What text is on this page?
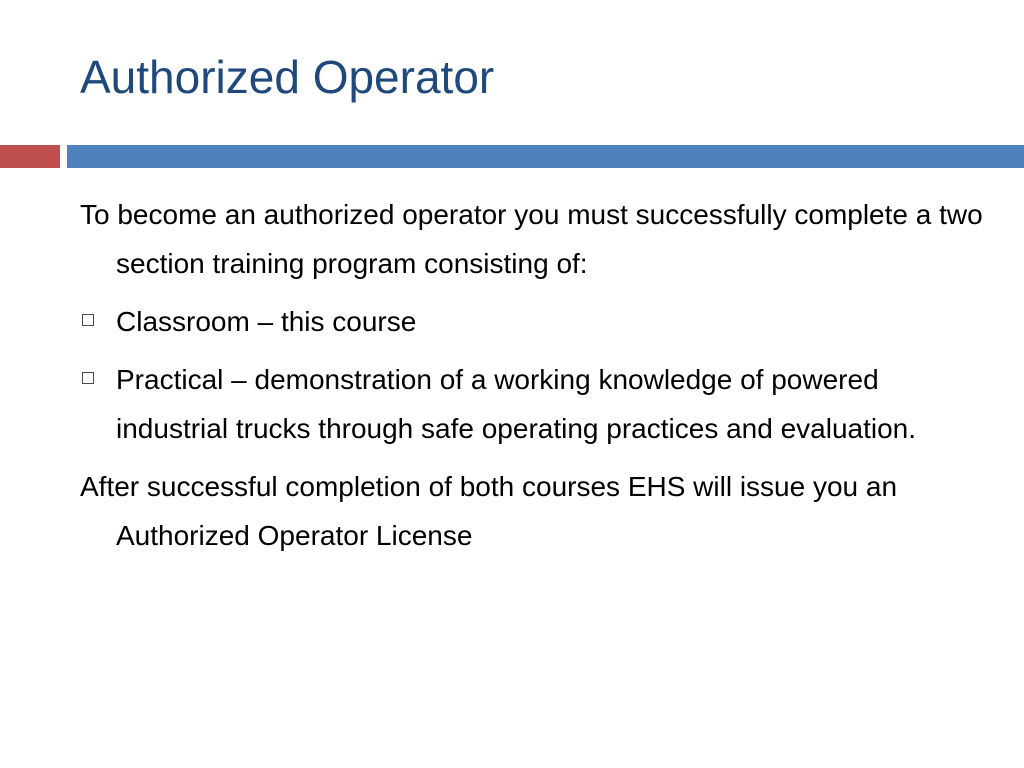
Authorized Operator

To become an authorized operator you must successfully complete a two section training program consisting of:

Classroom – this course
Practical – demonstration of a working knowledge of powered industrial trucks through safe operating practices and evaluation.

After successful completion of both courses EHS will issue you an Authorized Operator License
